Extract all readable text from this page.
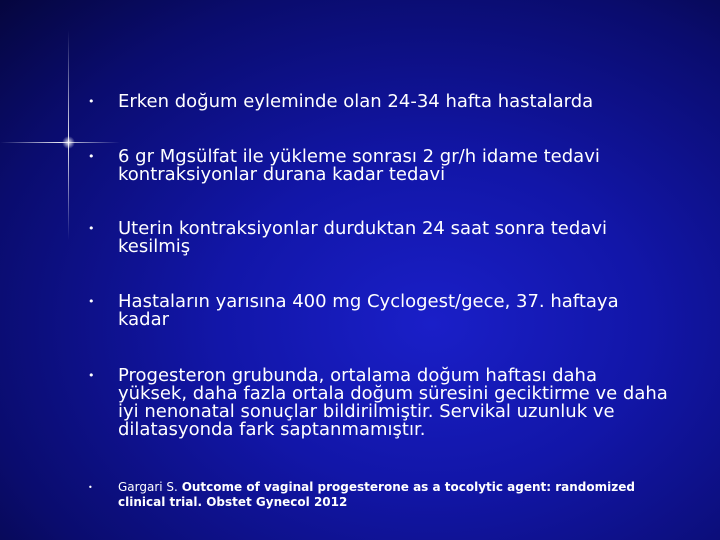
• Erken doğum eyleminde olan 24-34 hafta hastalarda
• 6 gr Mgsülfat ile yükleme sonrası 2 gr/h idame tedavi kontraksiyonlar durana kadar tedavi
• Uterin kontraksiyonlar durduktan 24 saat sonra tedavi kesilmiş
• Hastaların yarısına 400 mg Cyclogest/gece, 37. haftaya kadar
• Progesteron grubunda, ortalama doğum haftası daha yüksek, daha fazla ortala doğum süresini geciktirme ve daha iyi nenonatal sonuçlar bildirilmiştir. Servikal uzunluk ve dilatasyonda fark saptanmamıştır.
• Gargari S. Outcome of vaginal progesterone as a tocolytic agent: randomized clinical trial. Obstet Gynecol 2012
